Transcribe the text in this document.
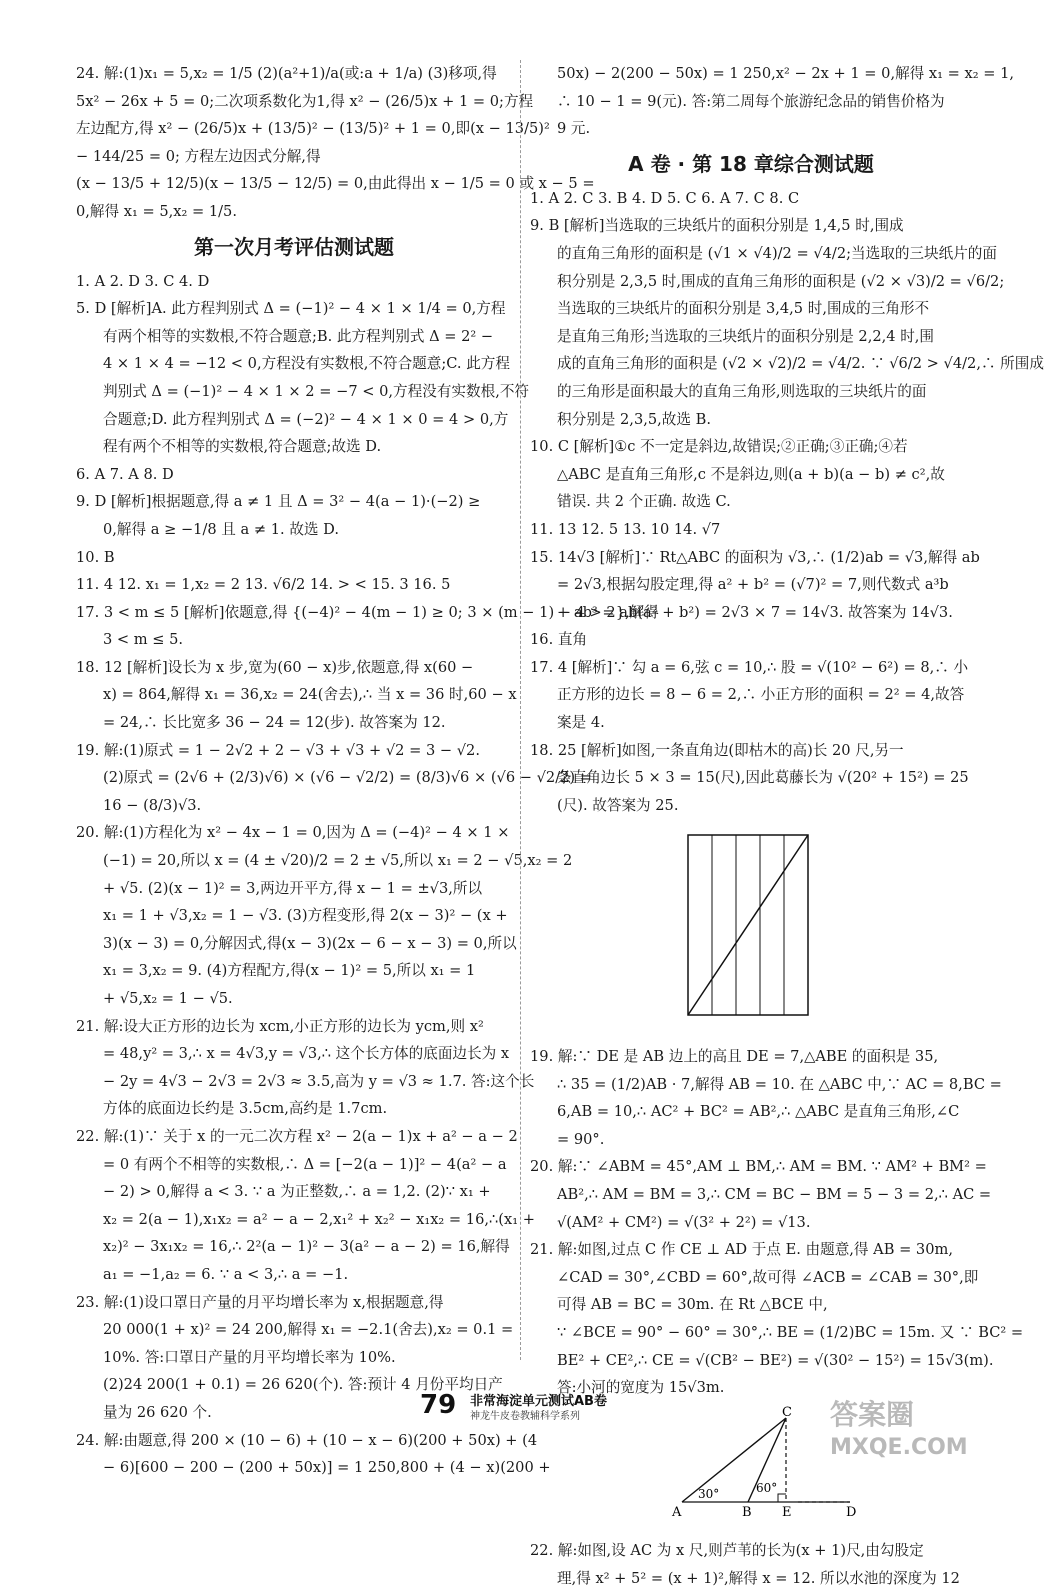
24. 解:(1)x₁ = 5,x₂ = 1/5 (2)(a²+1)/a(或:a + 1/a) (3)移项,得
5x² − 26x + 5 = 0;二次项系数化为1,得 x² − (26/5)x + 1 = 0;方程
左边配方,得 x² − (26/5)x + (13/5)² − (13/5)² + 1 = 0,即(x − 13/5)²
− 144/25 = 0; 方程左边因式分解,得
(x − 13/5 + 12/5)(x − 13/5 − 12/5) = 0,由此得出 x − 1/5 = 0 或 x − 5 =
0,解得 x₁ = 5,x₂ = 1/5.
第一次月考评估测试题
1. A 2. D 3. C 4. D
5. D [解析]A. 此方程判别式 Δ = (−1)² − 4 × 1 × 1/4 = 0,方程
有两个相等的实数根,不符合题意;B. 此方程判别式 Δ = 2² −
4 × 1 × 4 = −12 < 0,方程没有实数根,不符合题意;C. 此方程
判别式 Δ = (−1)² − 4 × 1 × 2 = −7 < 0,方程没有实数根,不符
合题意;D. 此方程判别式 Δ = (−2)² − 4 × 1 × 0 = 4 > 0,方
程有两个不相等的实数根,符合题意;故选 D.
6. A 7. A 8. D
9. D [解析]根据题意,得 a ≠ 1 且 Δ = 3² − 4(a − 1)·(−2) ≥
0,解得 a ≥ −1/8 且 a ≠ 1. 故选 D.
10. B
11. 4 12. x₁ = 1,x₂ = 2 13. √6/2 14. > < 15. 3 16. 5
17. 3 < m ≤ 5 [解析]依题意,得 {(−4)² − 4(m − 1) ≥ 0; 3 × (m − 1) − 4 > 2},解得
3 < m ≤ 5.
18. 12 [解析]设长为 x 步,宽为(60 − x)步,依题意,得 x(60 −
x) = 864,解得 x₁ = 36,x₂ = 24(舍去),∴ 当 x = 36 时,60 − x
= 24,∴ 长比宽多 36 − 24 = 12(步). 故答案为 12.
19. 解:(1)原式 = 1 − 2√2 + 2 − √3 + √3 + √2 = 3 − √2.
(2)原式 = (2√6 + (2/3)√6) × (√6 − √2/2) = (8/3)√6 × (√6 − √2/2) =
16 − (8/3)√3.
20. 解:(1)方程化为 x² − 4x − 1 = 0,因为 Δ = (−4)² − 4 × 1 ×
(−1) = 20,所以 x = (4 ± √20)/2 = 2 ± √5,所以 x₁ = 2 − √5,x₂ = 2
+ √5. (2)(x − 1)² = 3,两边开平方,得 x − 1 = ±√3,所以
x₁ = 1 + √3,x₂ = 1 − √3. (3)方程变形,得 2(x − 3)² − (x +
3)(x − 3) = 0,分解因式,得(x − 3)(2x − 6 − x − 3) = 0,所以
x₁ = 3,x₂ = 9. (4)方程配方,得(x − 1)² = 5,所以 x₁ = 1
+ √5,x₂ = 1 − √5.
21. 解:设大正方形的边长为 xcm,小正方形的边长为 ycm,则 x²
= 48,y² = 3,∴ x = 4√3,y = √3,∴ 这个长方体的底面边长为 x
− 2y = 4√3 − 2√3 = 2√3 ≈ 3.5,高为 y = √3 ≈ 1.7. 答:这个长
方体的底面边长约是 3.5cm,高约是 1.7cm.
22. 解:(1)∵ 关于 x 的一元二次方程 x² − 2(a − 1)x + a² − a − 2
= 0 有两个不相等的实数根,∴ Δ = [−2(a − 1)]² − 4(a² − a
− 2) > 0,解得 a < 3. ∵ a 为正整数,∴ a = 1,2. (2)∵ x₁ +
x₂ = 2(a − 1),x₁x₂ = a² − a − 2,x₁² + x₂² − x₁x₂ = 16,∴(x₁ +
x₂)² − 3x₁x₂ = 16,∴ 2²(a − 1)² − 3(a² − a − 2) = 16,解得
a₁ = −1,a₂ = 6. ∵ a < 3,∴ a = −1.
23. 解:(1)设口罩日产量的月平均增长率为 x,根据题意,得
20 000(1 + x)² = 24 200,解得 x₁ = −2.1(舍去),x₂ = 0.1 =
10%. 答:口罩日产量的月平均增长率为 10%.
(2)24 200(1 + 0.1) = 26 620(个). 答:预计 4 月份平均日产
量为 26 620 个.
24. 解:由题意,得 200 × (10 − 6) + (10 − x − 6)(200 + 50x) + (4
− 6)[600 − 200 − (200 + 50x)] = 1 250,800 + (4 − x)(200 +
50x) − 2(200 − 50x) = 1 250,x² − 2x + 1 = 0,解得 x₁ = x₂ = 1,
∴ 10 − 1 = 9(元). 答:第二周每个旅游纪念品的销售价格为
9 元.
A 卷 · 第 18 章综合测试题
1. A 2. C 3. B 4. D 5. C 6. A 7. C 8. C
9. B [解析]当选取的三块纸片的面积分别是 1,4,5 时,围成
的直角三角形的面积是 (√1 × √4)/2 = √4/2;当选取的三块纸片的面
积分别是 2,3,5 时,围成的直角三角形的面积是 (√2 × √3)/2 = √6/2;
当选取的三块纸片的面积分别是 3,4,5 时,围成的三角形不
是直角三角形;当选取的三块纸片的面积分别是 2,2,4 时,围
成的直角三角形的面积是 (√2 × √2)/2 = √4/2. ∵ √6/2 > √4/2,∴ 所围成
的三角形是面积最大的直角三角形,则选取的三块纸片的面
积分别是 2,3,5,故选 B.
10. C [解析]①c 不一定是斜边,故错误;②正确;③正确;④若
△ABC 是直角三角形,c 不是斜边,则(a + b)(a − b) ≠ c²,故
错误. 共 2 个正确. 故选 C.
11. 13 12. 5 13. 10 14. √7
15. 14√3 [解析]∵ Rt△ABC 的面积为 √3,∴ (1/2)ab = √3,解得 ab
= 2√3,根据勾股定理,得 a² + b² = (√7)² = 7,则代数式 a³b
+ ab³ = ab(a² + b²) = 2√3 × 7 = 14√3. 故答案为 14√3.
16. 直角
17. 4 [解析]∵ 勾 a = 6,弦 c = 10,∴ 股 = √(10² − 6²) = 8,∴ 小
正方形的边长 = 8 − 6 = 2,∴ 小正方形的面积 = 2² = 4,故答
案是 4.
18. 25 [解析]如图,一条直角边(即枯木的高)长 20 尺,另一
条直角边长 5 × 3 = 15(尺),因此葛藤长为 √(20² + 15²) = 25
(尺). 故答案为 25.
19. 解:∵ DE 是 AB 边上的高且 DE = 7,△ABE 的面积是 35,
∴ 35 = (1/2)AB · 7,解得 AB = 10. 在 △ABC 中,∵ AC = 8,BC =
6,AB = 10,∴ AC² + BC² = AB²,∴ △ABC 是直角三角形,∠C
= 90°.
20. 解:∵ ∠ABM = 45°,AM ⊥ BM,∴ AM = BM. ∵ AM² + BM² =
AB²,∴ AM = BM = 3,∴ CM = BC − BM = 5 − 3 = 2,∴ AC =
√(AM² + CM²) = √(3² + 2²) = √13.
21. 解:如图,过点 C 作 CE ⊥ AD 于点 E. 由题意,得 AB = 30m,
∠CAD = 30°,∠CBD = 60°,故可得 ∠ACB = ∠CAB = 30°,即
可得 AB = BC = 30m. 在 Rt △BCE 中,
∵ ∠BCE = 90° − 60° = 30°,∴ BE = (1/2)BC = 15m. 又 ∵ BC² =
BE² + CE²,∴ CE = √(CB² − BE²) = √(30² − 15²) = 15√3(m).
答:小河的宽度为 15√3m.
C
A	B E	D
30°	60°
22. 解:如图,设 AC 为 x 尺,则芦苇的长为(x + 1)尺,由勾股定
理,得 x² + 5² = (x + 1)²,解得 x = 12. 所以水池的深度为 12
79 非常海淀单元测试AB卷
神龙牛皮卷教辅科学系列	答案圈
MXQE.COM
